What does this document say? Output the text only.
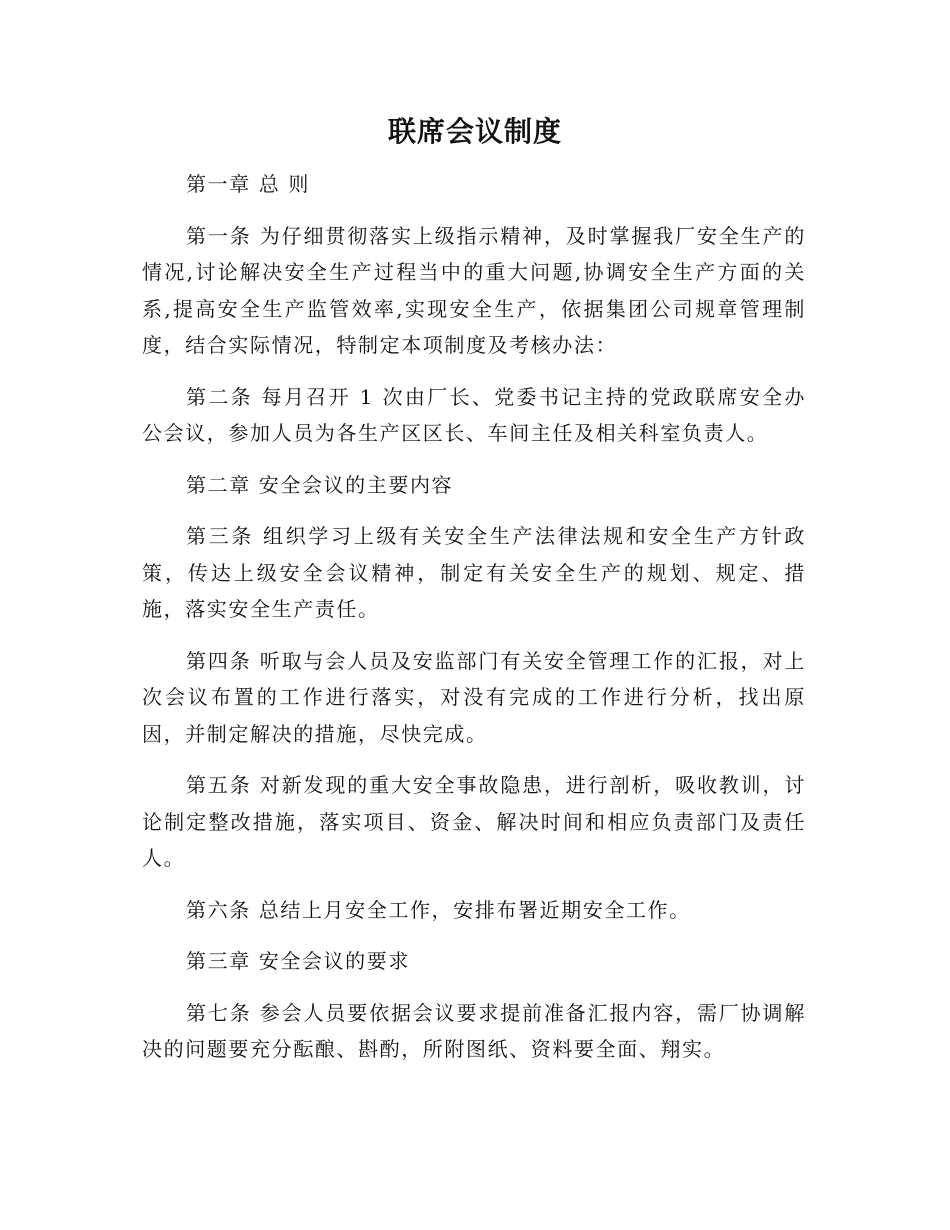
联席会议制度

第一章 总 则

第一条 为仔细贯彻落实上级指示精神，及时掌握我厂安全生产的情况,讨论解决安全生产过程当中的重大问题,协调安全生产方面的关系,提高安全生产监管效率,实现安全生产，依据集团公司规章管理制度，结合实际情况，特制定本项制度及考核办法：

第二条 每月召开 1 次由厂长、党委书记主持的党政联席安全办公会议，参加人员为各生产区区长、车间主任及相关科室负责人。

第二章 安全会议的主要内容

第三条 组织学习上级有关安全生产法律法规和安全生产方针政策，传达上级安全会议精神，制定有关安全生产的规划、规定、措施，落实安全生产责任。

第四条 听取与会人员及安监部门有关安全管理工作的汇报，对上次会议布置的工作进行落实，对没有完成的工作进行分析，找出原因，并制定解决的措施，尽快完成。

第五条 对新发现的重大安全事故隐患，进行剖析，吸收教训，讨论制定整改措施，落实项目、资金、解决时间和相应负责部门及责任人。

第六条 总结上月安全工作，安排布署近期安全工作。

第三章 安全会议的要求

第七条 参会人员要依据会议要求提前准备汇报内容，需厂协调解决的问题要充分酝酿、斟酌，所附图纸、资料要全面、翔实。
